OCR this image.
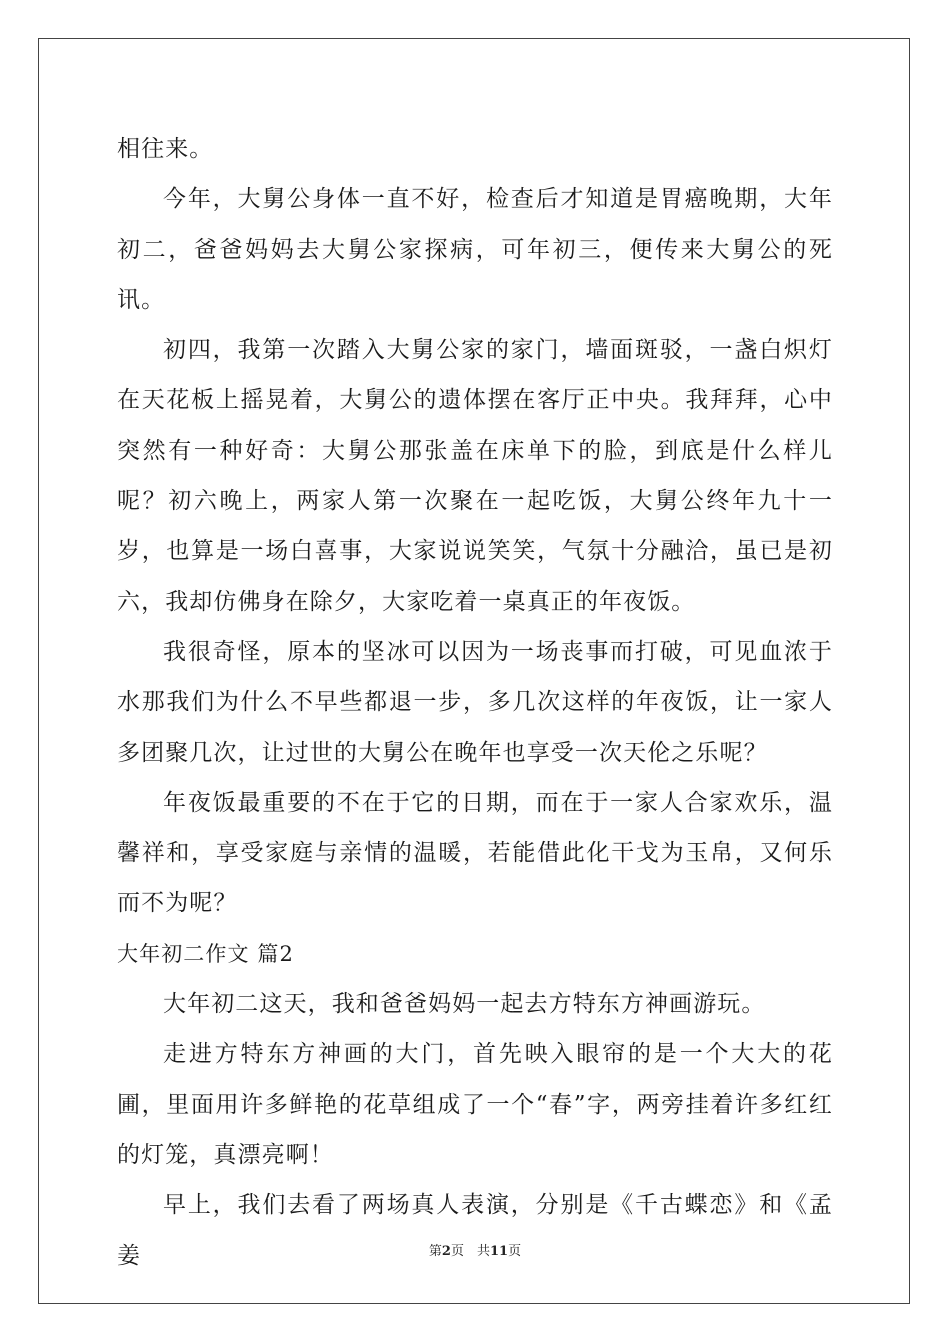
相往来。

今年，大舅公身体一直不好，检查后才知道是胃癌晚期，大年初二，爸爸妈妈去大舅公家探病，可年初三，便传来大舅公的死讯。

初四，我第一次踏入大舅公家的家门，墙面斑驳，一盏白炽灯在天花板上摇晃着，大舅公的遗体摆在客厅正中央。我拜拜，心中突然有一种好奇：大舅公那张盖在床单下的脸，到底是什么样儿呢？初六晚上，两家人第一次聚在一起吃饭，大舅公终年九十一岁，也算是一场白喜事，大家说说笑笑，气氛十分融洽，虽已是初六，我却仿佛身在除夕，大家吃着一桌真正的年夜饭。

我很奇怪，原本的坚冰可以因为一场丧事而打破，可见血浓于水那我们为什么不早些都退一步，多几次这样的年夜饭，让一家人多团聚几次，让过世的大舅公在晚年也享受一次天伦之乐呢？

年夜饭最重要的不在于它的日期，而在于一家人合家欢乐，温馨祥和，享受家庭与亲情的温暖，若能借此化干戈为玉帛，又何乐而不为呢？

大年初二作文 篇2

大年初二这天，我和爸爸妈妈一起去方特东方神画游玩。

走进方特东方神画的大门，首先映入眼帘的是一个大大的花圃，里面用许多鲜艳的花草组成了一个“春”字，两旁挂着许多红红的灯笼，真漂亮啊！

早上，我们去看了两场真人表演，分别是《千古蝶恋》和《孟姜	第2页　共11页
